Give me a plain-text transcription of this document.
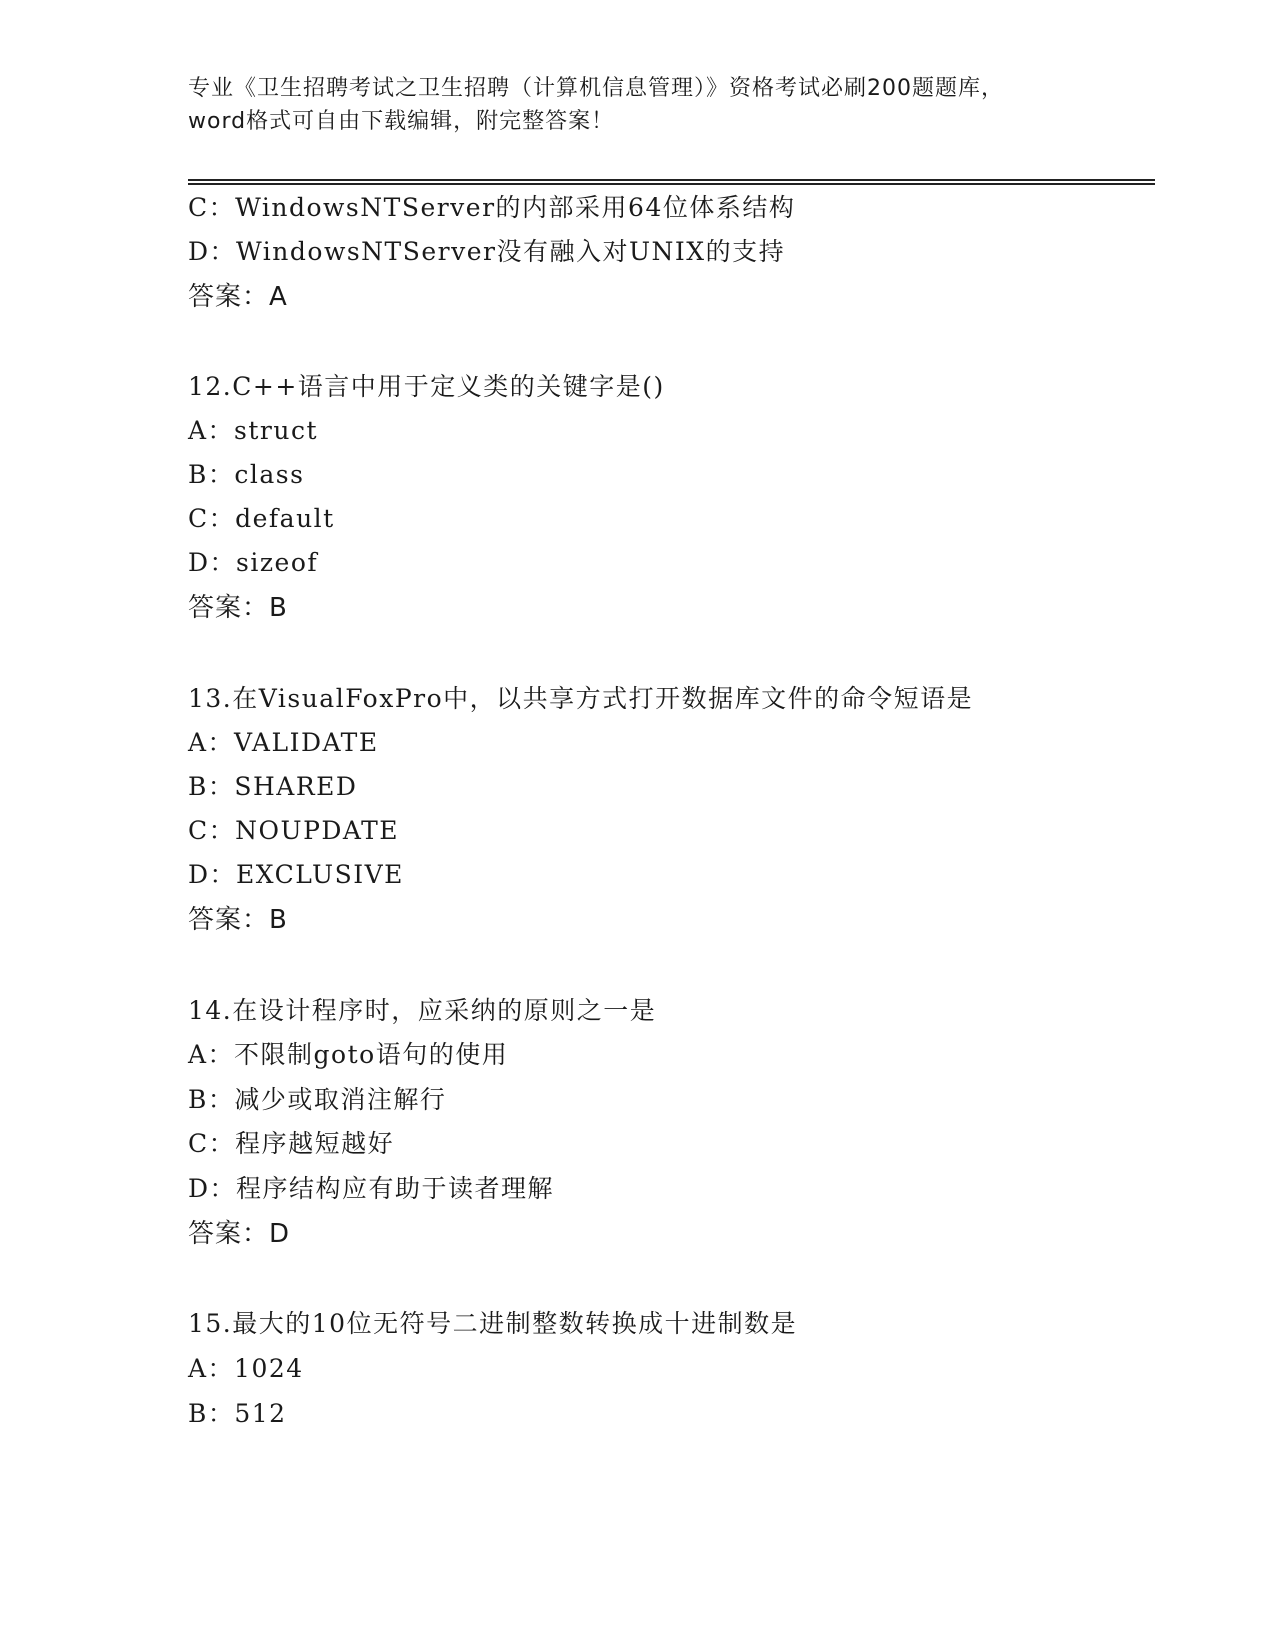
专业《卫生招聘考试之卫生招聘（计算机信息管理）》资格考试必刷200题题库，
word格式可自由下载编辑，附完整答案！
C：WindowsNTServer的内部采用64位体系结构
D：WindowsNTServer没有融入对UNIX的支持
答案：A
12.C++语言中用于定义类的关键字是()
A：struct
B：class
C：default
D：sizeof
答案：B
13.在VisualFoxPro中，以共享方式打开数据库文件的命令短语是
A：VALIDATE
B：SHARED
C：NOUPDATE
D：EXCLUSIVE
答案：B
14.在设计程序时，应采纳的原则之一是
A：不限制goto语句的使用
B：减少或取消注解行
C：程序越短越好
D：程序结构应有助于读者理解
答案：D
15.最大的10位无符号二进制整数转换成十进制数是
A：1024
B：512
